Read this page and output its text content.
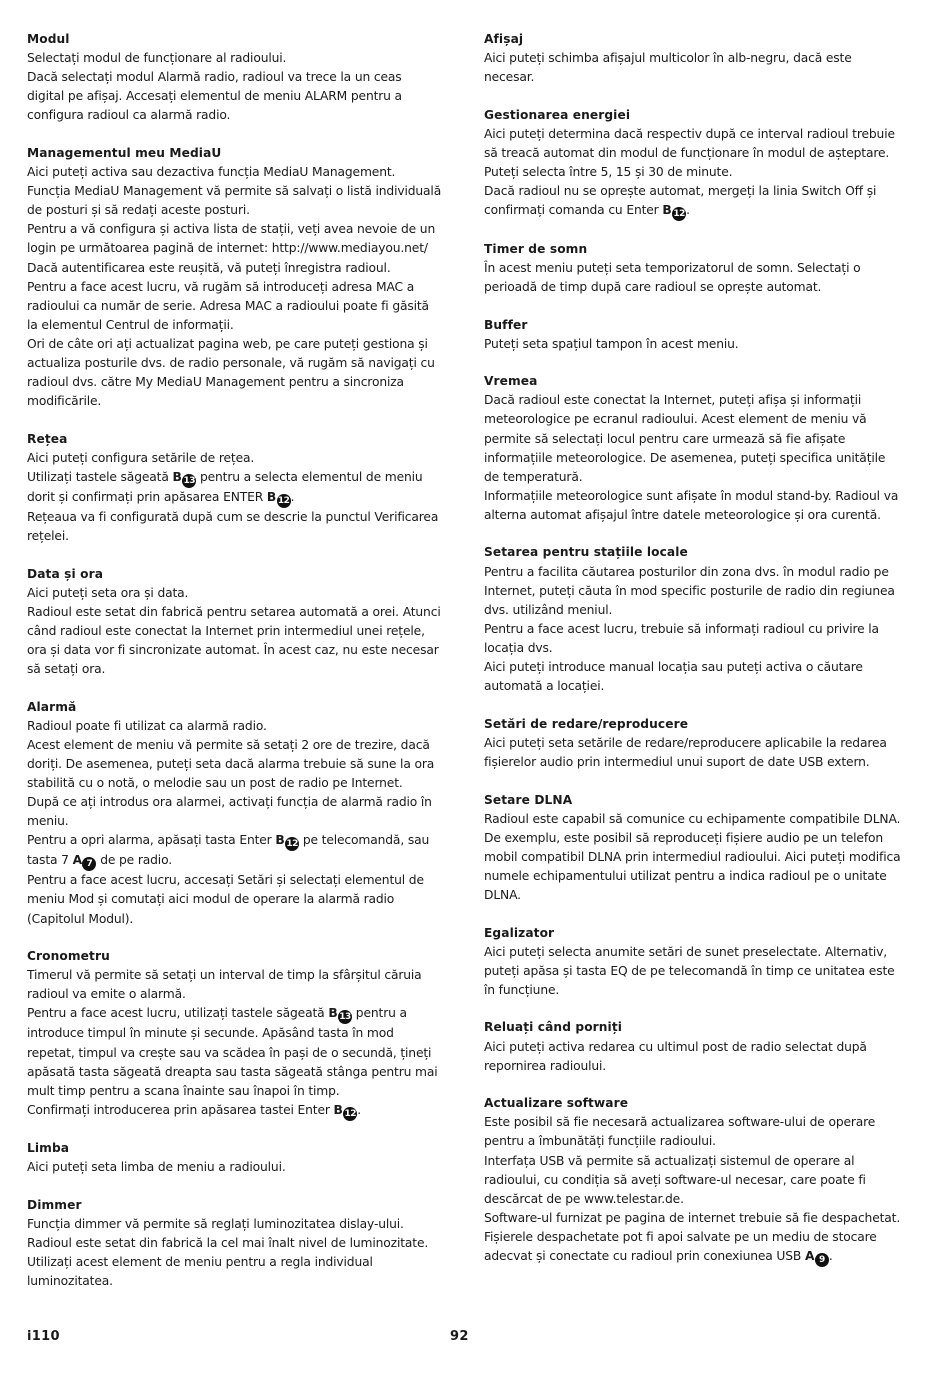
Modul

Selectați modul de funcționare al radioului.

Dacă selectați modul Alarmă radio, radioul va trece la un ceas digital pe afișaj. Accesați elementul de meniu ALARM pentru a configura radioul ca alarmă radio.

Managementul meu MediaU

Aici puteți activa sau dezactiva funcția MediaU Management.

Funcția MediaU Management vă permite să salvați o listă individuală de posturi și să redați aceste posturi.

Pentru a vă configura și activa lista de stații, veți avea nevoie de un login pe următoarea pagină de internet: http://www.mediayou.net/

Dacă autentificarea este reușită, vă puteți înregistra radioul.

Pentru a face acest lucru, vă rugăm să introduceți adresa MAC a radioului ca număr de serie. Adresa MAC a radioului poate fi găsită la elementul Centrul de informații.

Ori de câte ori ați actualizat pagina web, pe care puteți gestiona și actualiza posturile dvs. de radio personale, vă rugăm să navigați cu radioul dvs. către My MediaU Management pentru a sincroniza modificările.

Rețea

Aici puteți configura setările de rețea.

Utilizați tastele săgeată B 13 pentru a selecta elementul de meniu dorit și confirmați prin apăsarea ENTER B 12.

Rețeaua va fi configurată după cum se descrie la punctul Verificarea rețelei.

Data și ora

Aici puteți seta ora și data.

Radioul este setat din fabrică pentru setarea automată a orei. Atunci când radioul este conectat la Internet prin intermediul unei rețele, ora și data vor fi sincronizate automat. În acest caz, nu este necesar să setați ora.

Alarmă

Radioul poate fi utilizat ca alarmă radio.

Acest element de meniu vă permite să setați 2 ore de trezire, dacă doriți. De asemenea, puteți seta dacă alarma trebuie să sune la ora stabilită cu o notă, o melodie sau un post de radio pe Internet.

După ce ați introdus ora alarmei, activați funcția de alarmă radio în meniu.

Pentru a opri alarma, apăsați tasta Enter B 12 pe telecomandă, sau tasta 7 A 7 de pe radio.

Pentru a face acest lucru, accesați Setări și selectați elementul de meniu Mod și comutați aici modul de operare la alarmă radio (Capitolul Modul).

Cronometru

Timerul vă permite să setați un interval de timp la sfârșitul căruia radioul va emite o alarmă.

Pentru a face acest lucru, utilizați tastele săgeată B 13 pentru a introduce timpul în minute și secunde. Apăsând tasta în mod repetat, timpul va crește sau va scădea în pași de o secundă, țineți apăsată tasta săgeată dreapta sau tasta săgeată stânga pentru mai mult timp pentru a scana înainte sau înapoi în timp.

Confirmați introducerea prin apăsarea tastei Enter B 12.

Limba

Aici puteți seta limba de meniu a radioului.

Dimmer

Funcția dimmer vă permite să reglați luminozitatea dislay-ului. Radioul este setat din fabrică la cel mai înalt nivel de luminozitate. Utilizați acest element de meniu pentru a regla individual luminozitatea.

Afișaj

Aici puteți schimba afișajul multicolor în alb-negru, dacă este necesar.

Gestionarea energiei

Aici puteți determina dacă respectiv după ce interval radioul trebuie să treacă automat din modul de funcționare în modul de așteptare.

Puteți selecta între 5, 15 și 30 de minute.

Dacă radioul nu se oprește automat, mergeți la linia Switch Off și confirmați comanda cu Enter B 12.

Timer de somn

În acest meniu puteți seta temporizatorul de somn. Selectați o perioadă de timp după care radioul se oprește automat.

Buffer

Puteți seta spațiul tampon în acest meniu.

Vremea

Dacă radioul este conectat la Internet, puteți afișa și informații meteorologice pe ecranul radioului. Acest element de meniu vă permite să selectați locul pentru care urmează să fie afișate informațiile meteorologice. De asemenea, puteți specifica unitățile de temperatură.

Informațiile meteorologice sunt afișate în modul stand-by. Radioul va alterna automat afișajul între datele meteorologice și ora curentă.

Setarea pentru stațiile locale

Pentru a facilita căutarea posturilor din zona dvs. în modul radio pe Internet, puteți căuta în mod specific posturile de radio din regiunea dvs. utilizând meniul.

Pentru a face acest lucru, trebuie să informați radioul cu privire la locația dvs.

Aici puteți introduce manual locația sau puteți activa o căutare automată a locației.

Setări de redare/reproducere

Aici puteți seta setările de redare/reproducere aplicabile la redarea fișierelor audio prin intermediul unui suport de date USB extern.

Setare DLNA

Radioul este capabil să comunice cu echipamente compatibile DLNA.

De exemplu, este posibil să reproduceți fișiere audio pe un telefon mobil compatibil DLNA prin intermediul radioului. Aici puteți modifica numele echipamentului utilizat pentru a indica radioul pe o unitate DLNA.

Egalizator

Aici puteți selecta anumite setări de sunet preselectate. Alternativ, puteți apăsa și tasta EQ de pe telecomandă în timp ce unitatea este în funcțiune.

Reluați când porniți

Aici puteți activa redarea cu ultimul post de radio selectat după repornirea radioului.

Actualizare software

Este posibil să fie necesară actualizarea software-ului de operare pentru a îmbunătăți funcțiile radioului.

Interfața USB vă permite să actualizați sistemul de operare al radioului, cu condiția să aveți software-ul necesar, care poate fi descărcat de pe www.telestar.de.

Software-ul furnizat pe pagina de internet trebuie să fie despachetat. Fișierele despachetate pot fi apoi salvate pe un mediu de stocare adecvat și conectate cu radioul prin conexiunea USB A 9 .

i110	92
